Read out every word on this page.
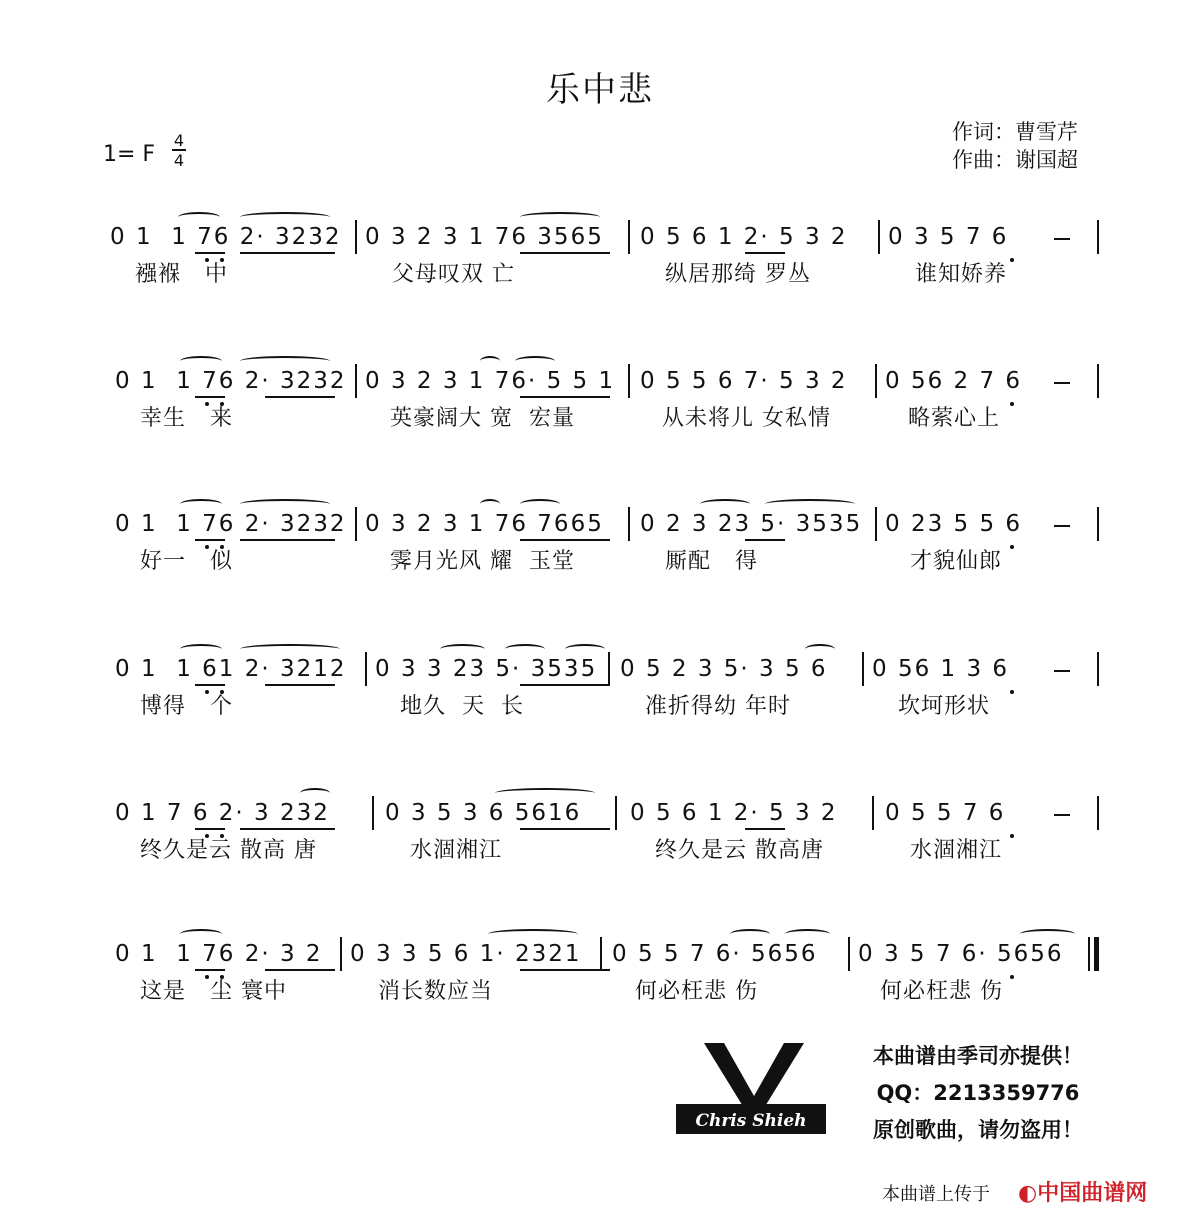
乐中悲
1= F
4
4
作词：曹雪芹
作曲：谢国超
0 1  1 76 2· 3232 0 3 2 3 1 76 3565 0 5 6 1 2· 5 3 2 0 3 5 7 6
襁褓   中	父母叹双 亡	纵居那绮 罗丛	谁知娇养
0 1  1 76 2· 3232 0 3 2 3 1 76· 5 5 1 0 5 5 6 7· 5 3 2 0 56 2 7 6
幸生   来	英豪阔大 宽  宏量	从未将儿 女私情	略萦心上
0 1  1 76 2· 3232 0 3 2 3 1 76 7665 0 2 3 23 5· 3535 0 23 5 5 6
好一   似	霁月光风 耀  玉堂	厮配   得	才貌仙郎
0 1  1 61 2· 3212 0 3 3 23 5· 3535 0 5 2 3 5· 3 5 6 0 56 1 3 6
博得   个	地久  天  长	准折得幼 年时	坎坷形状
0 1 7 6 2· 3 232 0 3 5 3 6 5616 0 5 6 1 2· 5 3 2 0 5 5 7 6
终久是云 散高 唐	水涸湘江	终久是云 散高唐	水涸湘江
0 1  1 76 2· 3 2 0 3 3 5 6 1· 2321 0 5 5 7 6· 5656 0 3 5 7 6· 5656
这是   尘 寰中	消长数应当	何必枉悲 伤	何必枉悲 伤
Chris Shieh
本曲谱由季司亦提供！
QQ：2213359776
原创歌曲，请勿盗用！
本曲谱上传于 ◐中国曲谱网
